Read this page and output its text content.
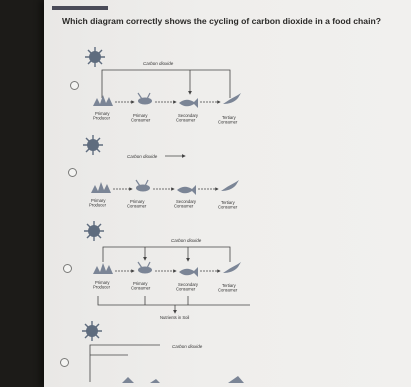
Which diagram correctly shows the cycling of carbon dioxide in a food chain?
Carbon dioxide
Primary Producer	Primary Consumer
Secondary Consumer	Tertiary Consumer
Carbon dioxide
Primary Producer
Primary Consumer
Secondary Consumer
Tertiary Consumer
Carbon dioxide
Primary Producer
Primary Consumer
Secondary Consumer
Tertiary Consumer
Nutrients in Soil
Carbon dioxide
